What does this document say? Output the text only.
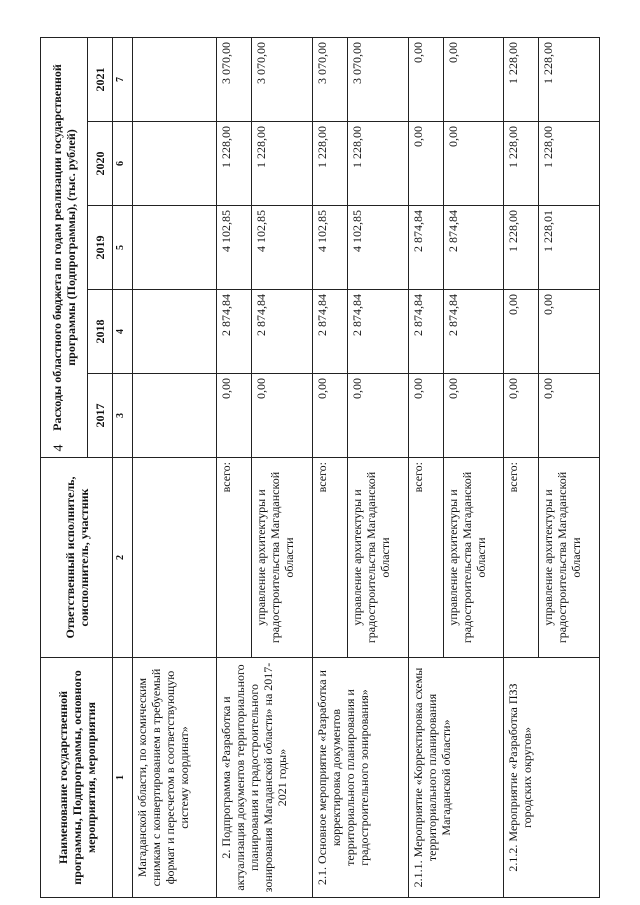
4
Наименование государственной программы, Подпрограммы, основного мероприятия, мероприятия	Ответственный исполнитель, соисполнитель, участник	Расходы областного бюджета по годам реализации государственной программы (Подпрограммы), (тыс. рублей)				
		2017	2018	2019	2020	2021
1	2	3	4	5	6	7
Магаданской области, по космическим снимкам с конвертированием в требуемый формат и пересчетом в соответствующую систему координат»						
2. Подпрограмма «Разработка и актуализация документов территориального планирования и градостроительного зонирования Магаданской области» на 2017-2021 годы»	всего:	0,00	2 874,84	4 102,85	1 228,00	3 070,00
	управление архитектуры и градостроительства Магаданской области	0,00	2 874,84	4 102,85	1 228,00	3 070,00
2.1. Основное мероприятие «Разработка и корректировка документов территориального планирования и градостроительного зонирования»	всего:	0,00	2 874,84	4 102,85	1 228,00	3 070,00
	управление архитектуры и градостроительства Магаданской области	0,00	2 874,84	4 102,85	1 228,00	3 070,00
2.1.1. Мероприятие «Корректировка схемы территориального планирования Магаданской области»	всего:	0,00	2 874,84	2 874,84	0,00	0,00
	управление архитектуры и градостроительства Магаданской области	0,00	2 874,84	2 874,84	0,00	0,00
2.1.2. Мероприятие «Разработка ПЗЗ городских округов»	всего:	0,00	0,00	1 228,00	1 228,00	1 228,00
	управление архитектуры и градостроительства Магаданской области	0,00	0,00	1 228,01	1 228,00	1 228,00
